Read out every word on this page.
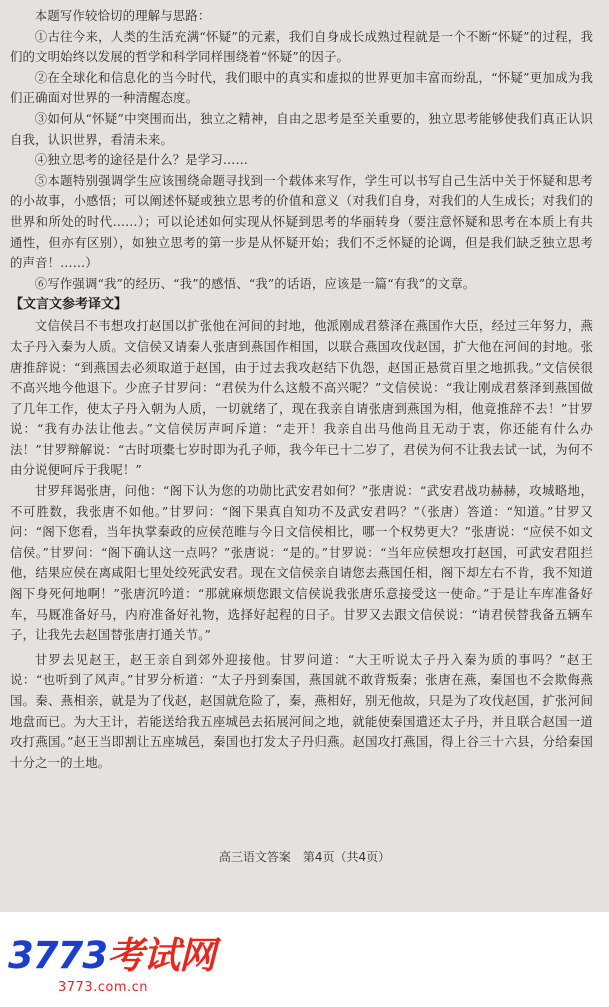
本题写作较恰切的理解与思路：

①古往今来，人类的生活充满“怀疑”的元素，我们自身成长成熟过程就是一个不断“怀疑”的过程，我们的文明始终以发展的哲学和科学同样围绕着“怀疑”的因子。

②在全球化和信息化的当今时代，我们眼中的真实和虚拟的世界更加丰富而纷乱，“怀疑”更加成为我们正确面对世界的一种清醒态度。

③如何从“怀疑”中突围而出，独立之精神，自由之思考是至关重要的，独立思考能够使我们真正认识自我，认识世界，看清未来。

④独立思考的途径是什么？是学习……

⑤本题特别强调学生应该围绕命题寻找到一个载体来写作，学生可以书写自己生活中关于怀疑和思考的小故事，小感悟；可以阐述怀疑或独立思考的价值和意义（对我们自身，对我们的人生成长；对我们的世界和所处的时代……）；可以论述如何实现从怀疑到思考的华丽转身（要注意怀疑和思考在本质上有共通性，但亦有区别），如独立思考的第一步是从怀疑开始；我们不乏怀疑的论调，但是我们缺乏独立思考的声音！……）

⑥写作强调“我”的经历、“我”的感悟、“我”的话语，应该是一篇“有我”的文章。

【文言文参考译文】

文信侯吕不韦想攻打赵国以扩张他在河间的封地，他派刚成君蔡泽在燕国作大臣，经过三年努力，燕太子丹入秦为人质。文信侯又请秦人张唐到燕国作相国，以联合燕国攻伐赵国，扩大他在河间的封地。张唐推辞说：“到燕国去必须取道于赵国，由于过去我攻赵结下仇怨，赵国正悬赏百里之地抓我。”文信侯很不高兴地今他退下。少庶子甘罗问：“君侯为什么这般不高兴呢？”文信侯说：“我让刚成君蔡泽到燕国做了几年工作，使太子丹入朝为人质，一切就绪了，现在我亲自请张唐到燕国为相，他竟推辞不去！”甘罗说：“我有办法让他去。”文信侯厉声呵斥道：“走开！我亲自出马他尚且无动于衷，你还能有什么办法！”甘罗辩解说：“古时项橐七岁时即为孔子师，我今年已十二岁了，君侯为何不让我去试一试，为何不由分说便呵斥于我呢！”

甘罗拜谒张唐，问他：“阁下认为您的功勋比武安君如何？”张唐说：“武安君战功赫赫，攻城略地，不可胜数，我张唐不如他。”甘罗问：“阁下果真自知功不及武安君吗？”（张唐）答道：“知道。”甘罗又问：“阁下您看，当年执掌秦政的应侯范睢与今日文信侯相比，哪一个权势更大？”张唐说：“应侯不如文信侯。”甘罗问：“阁下确认这一点吗？”张唐说：“是的。”甘罗说：“当年应侯想攻打赵国，可武安君阻拦他，结果应侯在离咸阳七里处绞死武安君。现在文信侯亲自请您去燕国任相，阁下却左右不肯，我不知道阁下身死何地啊！”张唐沉吟道：“那就麻烦您跟文信侯说我张唐乐意接受这一使命。”于是让车库准备好车，马厩准备好马，内府准备好礼物，选择好起程的日子。甘罗又去跟文信侯说：“请君侯替我备五辆车子，让我先去赵国替张唐打通关节。”

甘罗去见赵王，赵王亲自到郊外迎接他。甘罗问道：“大王听说太子丹入秦为质的事吗？”赵王说：“也听到了风声。”甘罗分析道：“太子丹到秦国，燕国就不敢背叛秦；张唐在燕，秦国也不会欺侮燕国。秦、燕相亲，就是为了伐赵，赵国就危险了，秦，燕相好，别无他故，只是为了攻伐赵国，扩张河间地盘而已。为大王计，若能送给我五座城邑去拓展河间之地，就能使秦国遣还太子丹，并且联合赵国一道攻打燕国。”赵王当即割让五座城邑，秦国也打发太子丹归燕。赵国攻打燕国，得上谷三十六县，分给秦国十分之一的土地。

高三语文答案　第4页（共4页）
3773考试网
3773.com.cn
